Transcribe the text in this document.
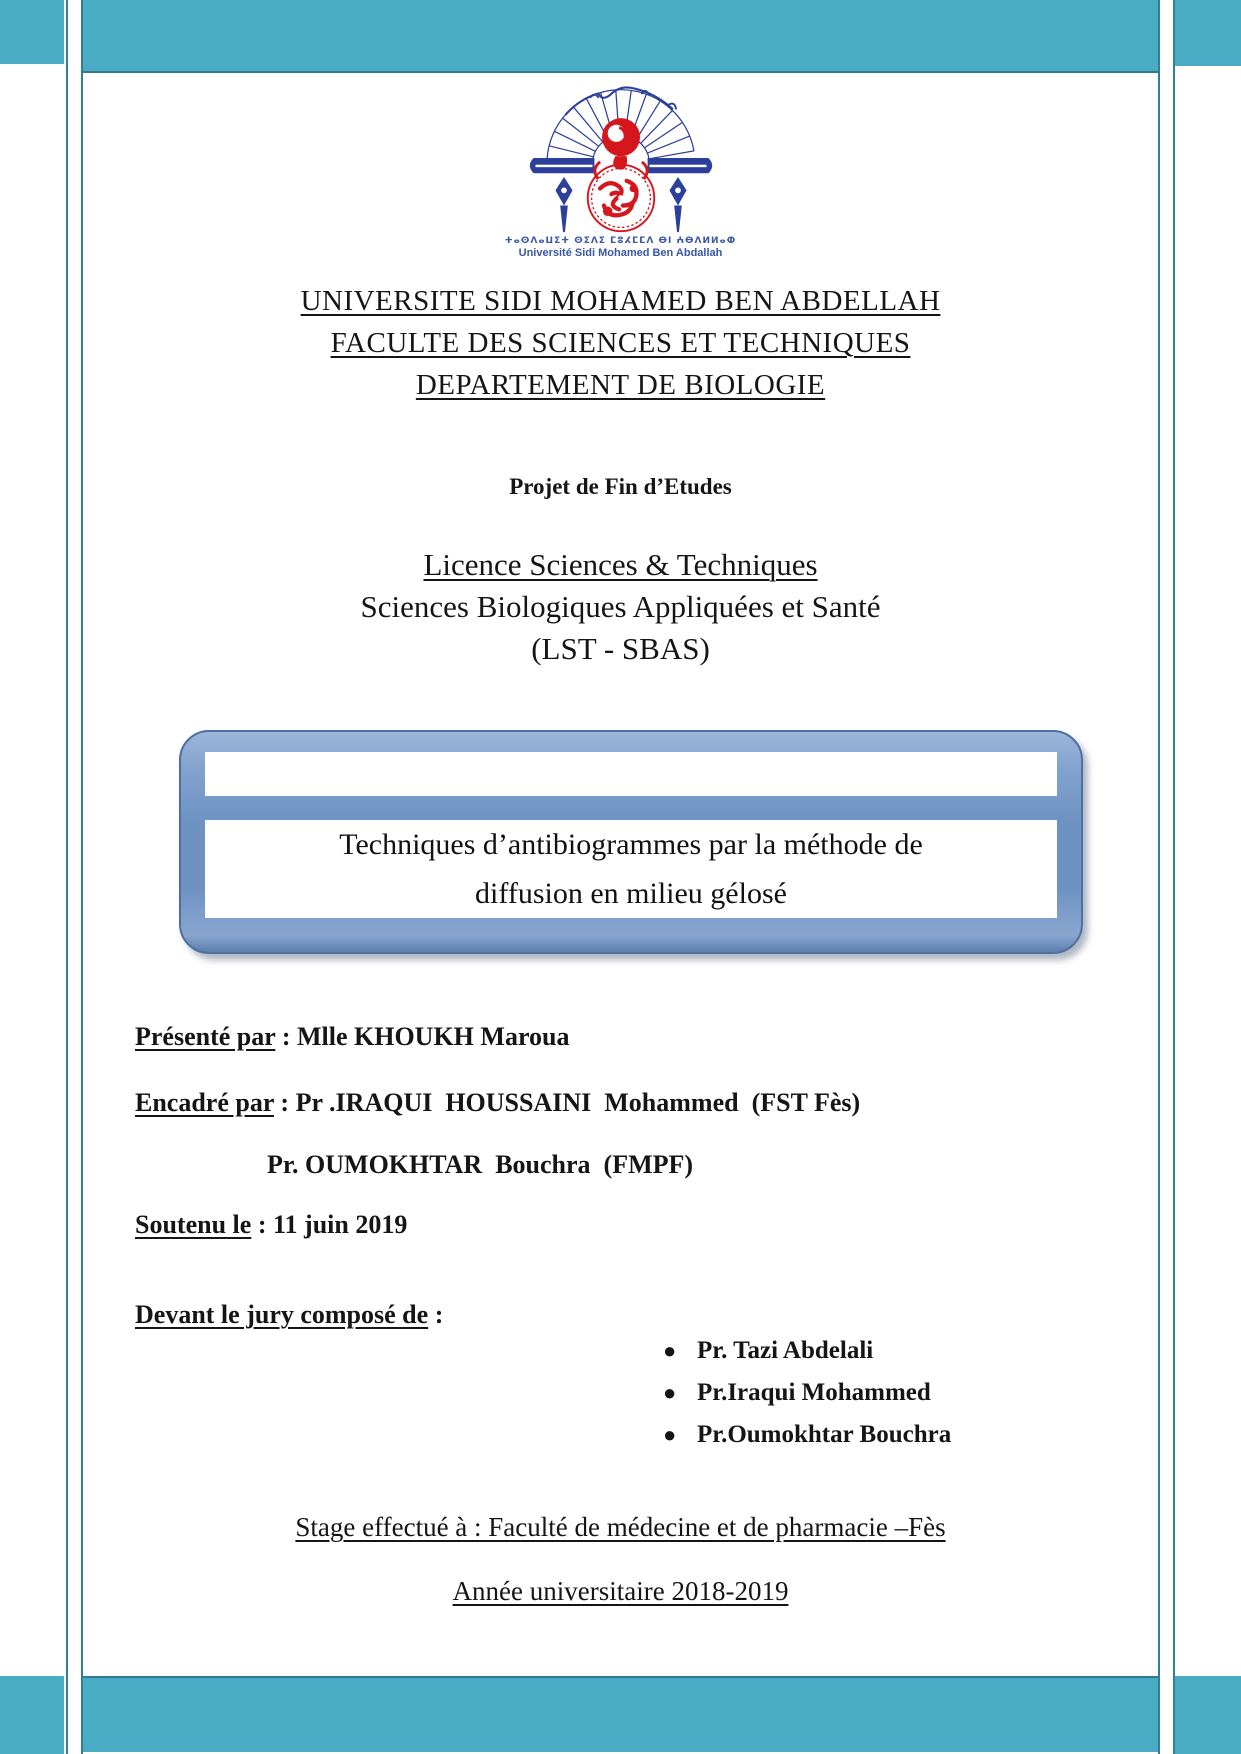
ⵜⴰⵙⴷⴰⵡⵉⵜ ⵙⵉⴷⵉ ⵎⵓⵃⵎⵎⴷ ⴱⵏ ⵄⴱⴷⵍⵍⴰⵀ
Université Sidi Mohamed Ben Abdallah
UNIVERSITE SIDI MOHAMED BEN ABDELLAH
FACULTE DES SCIENCES ET TECHNIQUES
DEPARTEMENT DE BIOLOGIE
Projet de Fin d’Etudes
Licence Sciences & Techniques
Sciences Biologiques Appliquées et Santé
(LST - SBAS)
Techniques d’antibiogrammes par la méthode de
diffusion en milieu gélosé
Présenté par : Mlle KHOUKH Maroua
Encadré par : Pr .IRAQUI  HOUSSAINI  Mohammed  (FST Fès)
Pr. OUMOKHTAR  Bouchra  (FMPF)
Soutenu le : 11 juin 2019
Devant le jury composé de :
● Pr. Tazi Abdelali
● Pr.Iraqui Mohammed
● Pr.Oumokhtar Bouchra
Stage effectué à : Faculté de médecine et de pharmacie –Fès
Année universitaire 2018-2019
